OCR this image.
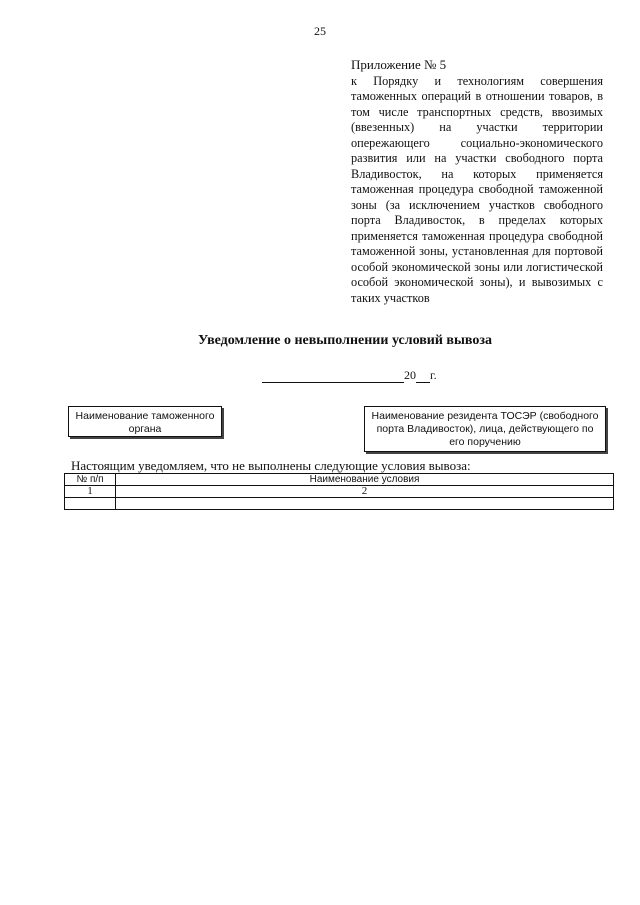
25
Приложение № 5
к Порядку и технологиям совершения таможенных операций в отношении товаров, в том числе транспортных средств, ввозимых (ввезенных) на участки территории опережающего социально-экономического развития или на участки свободного порта Владивосток, на которых применяется таможенная процедура свободной таможенной зоны (за исключением участков свободного порта Владивосток, в пределах которых применяется таможенная процедура свободной таможенной зоны, установленная для портовой особой экономической зоны или логистической особой экономической зоны), и вывозимых с таких участков
Уведомление о невыполнении условий вывоза
20 г.
Наименование таможенного органа
Наименование резидента ТОСЭР (свободного порта Владивосток), лица, действующего по его поручению
Настоящим уведомляем, что не выполнены следующие условия вывоза:
№ п/п	Наименование условия
1	2
